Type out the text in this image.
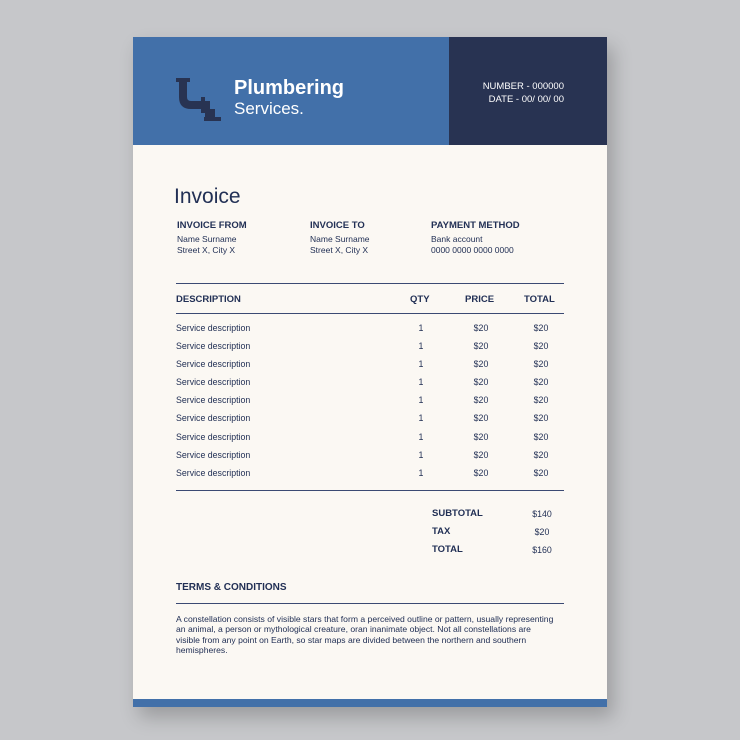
Plumbering
Services.
NUMBER - 000000
DATE - 00/ 00/ 00
Invoice
INVOICE FROM
Name Surname
Street X, City X
INVOICE TO
Name Surname
Street X, City X
PAYMENT METHOD
Bank account
0000 0000 0000 0000
DESCRIPTION	QTY	PRICE	TOTAL
Service description	1	$20	$20
Service description	1	$20	$20
Service description	1	$20	$20
Service description	1	$20	$20
Service description	1	$20	$20
Service description	1	$20	$20
Service description	1	$20	$20
Service description	1	$20	$20
Service description	1	$20	$20
SUBTOTAL	$140
TAX	$20
TOTAL	$160
TERMS & CONDITIONS

A constellation consists of visible stars that form a perceived outline or pattern, usually representing an animal, a person or mythological creature, oran inanimate object. Not all constellations are visible from any point on Earth, so star maps are divided between the northern and southern hemispheres.
